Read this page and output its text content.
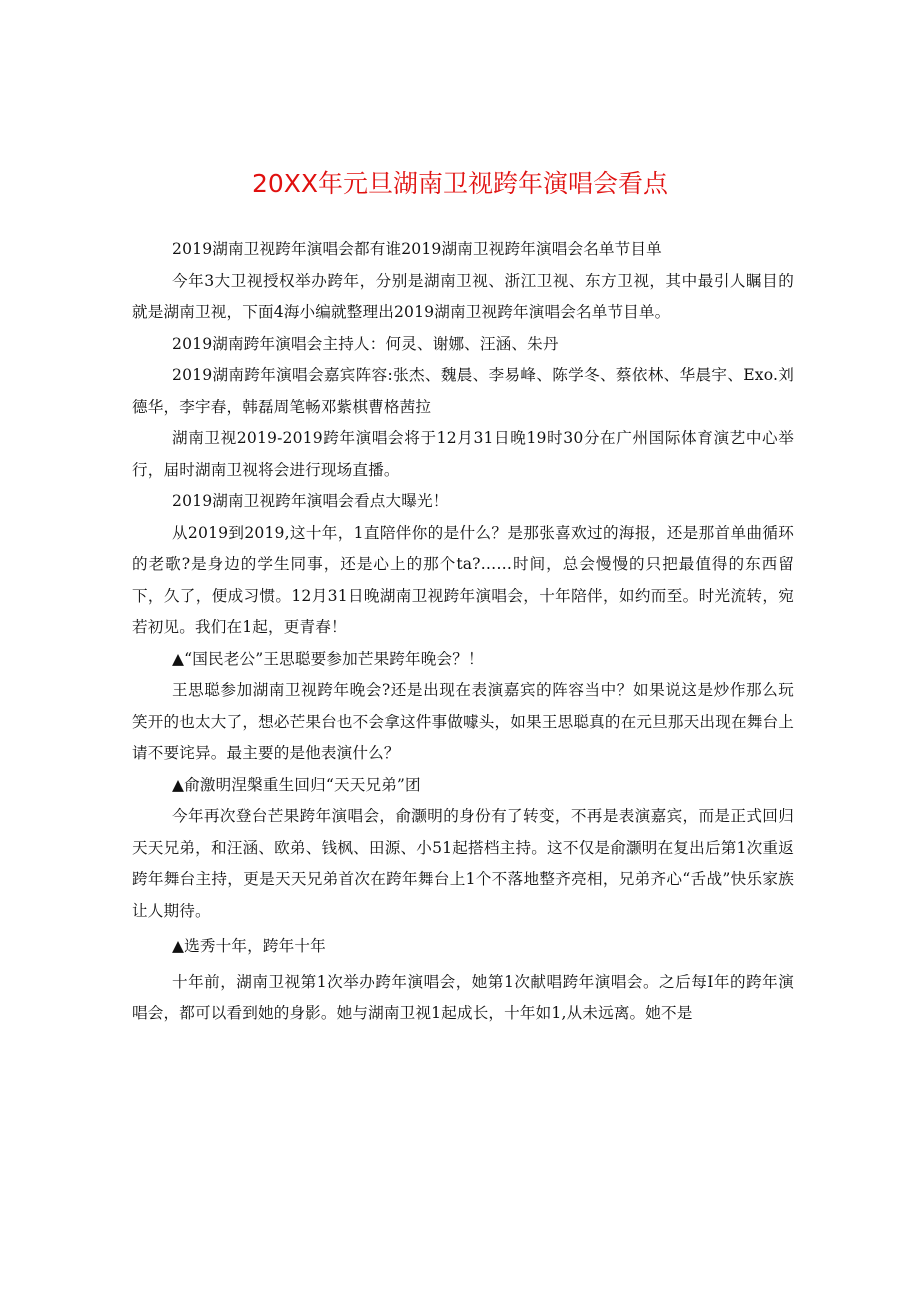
20XX年元旦湖南卫视跨年演唱会看点

2019湖南卫视跨年演唱会都有谁2019湖南卫视跨年演唱会名单节目单

今年3大卫视授权举办跨年，分别是湖南卫视、浙江卫视、东方卫视，其中最引人瞩目的就是湖南卫视，下面4海小编就整理出2019湖南卫视跨年演唱会名单节目单。

2019湖南跨年演唱会主持人：何灵、谢娜、汪涵、朱丹

2019湖南跨年演唱会嘉宾阵容:张杰、魏晨、李易峰、陈学冬、蔡依林、华晨宇、Exo.刘德华，李宇春，韩磊周笔畅邓紫棋曹格茜拉

湖南卫视2019-2019跨年演唱会将于12月31日晚19时30分在广州国际体育演艺中心举行，届时湖南卫视将会进行现场直播。

2019湖南卫视跨年演唱会看点大曝光！

从2019到2019,这十年，1直陪伴你的是什么？是那张喜欢过的海报，还是那首单曲循环的老歌?是身边的学生同事，还是心上的那个ta?……时间，总会慢慢的只把最值得的东西留下，久了，便成习惯。12月31日晚湖南卫视跨年演唱会，十年陪伴，如约而至。时光流转，宛若初见。我们在1起，更青春！

▲“国民老公”王思聪要参加芒果跨年晚会？！

王思聪参加湖南卫视跨年晚会?还是出现在表演嘉宾的阵容当中？如果说这是炒作那么玩笑开的也太大了，想必芒果台也不会拿这件事做噱头，如果王思聪真的在元旦那天出现在舞台上请不要诧异。最主要的是他表演什么？

▲俞激明涅槃重生回归“天天兄弟”团

今年再次登台芒果跨年演唱会，俞灏明的身份有了转变，不再是表演嘉宾，而是正式回归天天兄弟，和汪涵、欧弟、钱枫、田源、小51起搭档主持。这不仅是俞灏明在复出后第1次重返跨年舞台主持，更是天天兄弟首次在跨年舞台上1个不落地整齐亮相，兄弟齐心“舌战”快乐家族让人期待。

▲选秀十年，跨年十年

十年前，湖南卫视第1次举办跨年演唱会，她第1次献唱跨年演唱会。之后每I年的跨年演唱会，都可以看到她的身影。她与湖南卫视1起成长，十年如1,从未远离。她不是
